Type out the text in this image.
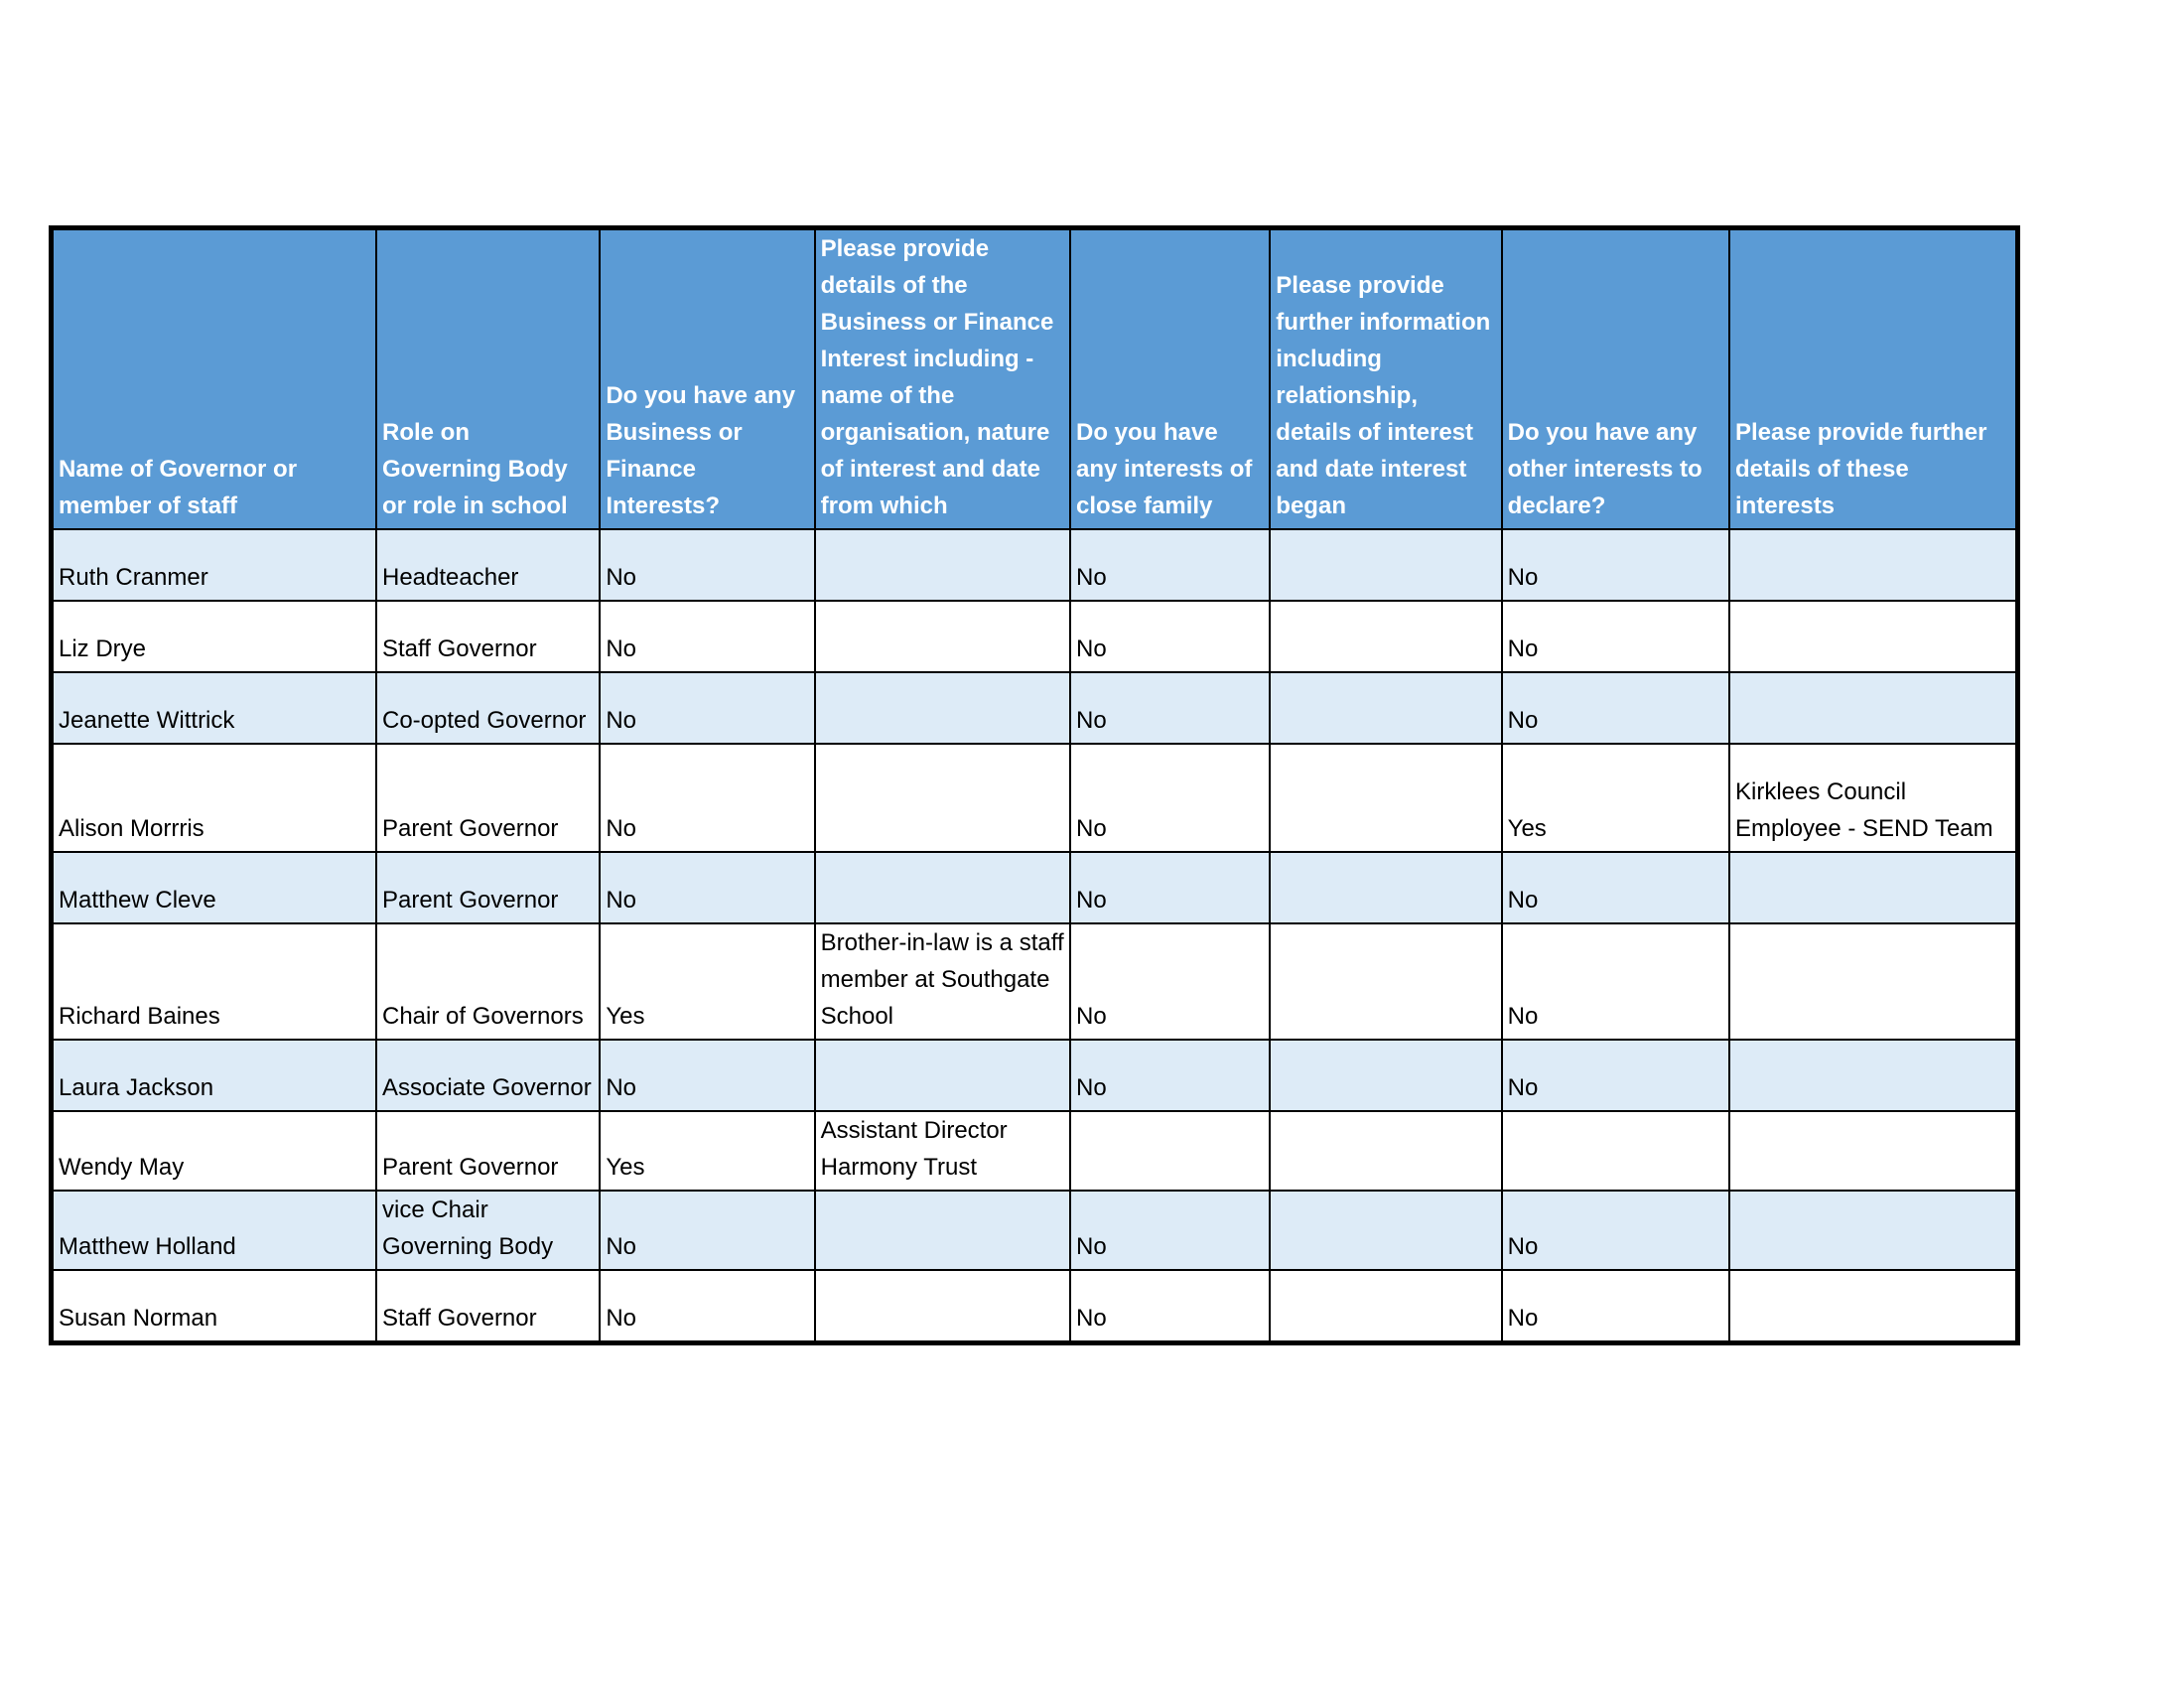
Name of Governor or member of staff	Role on Governing Body or role in school	Do you have any Business or Finance Interests?	Please provide details of the Business or Finance Interest including - name of the organisation, nature of interest and date from which	Do you have any interests of close family	Please provide further information including relationship, details of interest and date interest began	Do you have any other interests to declare?	Please provide further details of these interests
Ruth Cranmer	Headteacher	No		No		No	
Liz Drye	Staff Governor	No		No		No	
Jeanette Wittrick	Co-opted Governor	No		No		No	
Alison Morrris	Parent Governor	No		No		Yes	Kirklees Council Employee - SEND Team
Matthew Cleve	Parent Governor	No		No		No	
Richard Baines	Chair of Governors	Yes	Brother-in-law is a staff member at Southgate School	No		No	
Laura Jackson	Associate Governor	No		No		No	
Wendy May	Parent Governor	Yes	Assistant Director Harmony Trust				
Matthew Holland	vice Chair Governing Body	No		No		No	
Susan Norman	Staff Governor	No		No		No	
